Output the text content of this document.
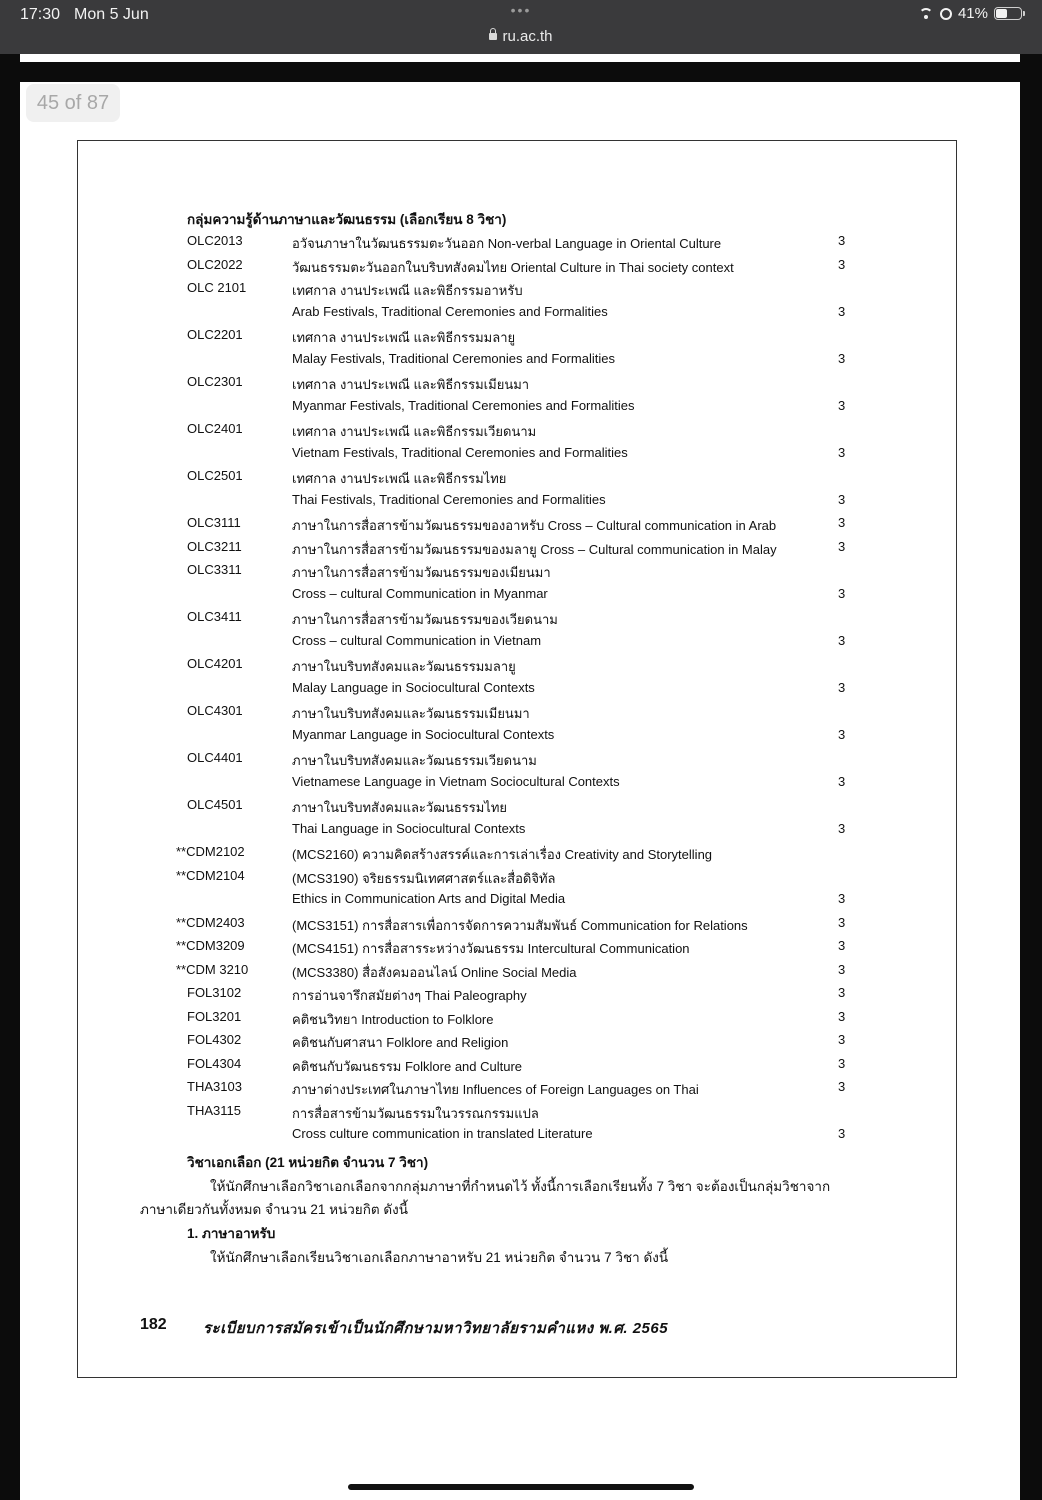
17:30 Mon 5 Jun	•••
ru.ac.th
41%
45 of 87
กลุ่มความรู้ด้านภาษาและวัฒนธรรม (เลือกเรียน 8 วิชา)
OLC2013	อวัจนภาษาในวัฒนธรรมตะวันออก Non-verbal Language in Oriental Culture	3
OLC2022	วัฒนธรรมตะวันออกในบริบทสังคมไทย Oriental Culture in Thai society context	3
OLC 2101	เทศกาล งานประเพณี และพิธีกรรมอาหรับ
Arab Festivals, Traditional Ceremonies and Formalities	3
OLC2201	เทศกาล งานประเพณี และพิธีกรรมมลายู
Malay Festivals, Traditional Ceremonies and Formalities	3
OLC2301	เทศกาล งานประเพณี และพิธีกรรมเมียนมา
Myanmar Festivals, Traditional Ceremonies and Formalities	3
OLC2401	เทศกาล งานประเพณี และพิธีกรรมเวียดนาม
Vietnam Festivals, Traditional Ceremonies and Formalities	3
OLC2501	เทศกาล งานประเพณี และพิธีกรรมไทย
Thai Festivals, Traditional Ceremonies and Formalities	3
OLC3111	ภาษาในการสื่อสารข้ามวัฒนธรรมของอาหรับ Cross – Cultural communication in Arab	3
OLC3211	ภาษาในการสื่อสารข้ามวัฒนธรรมของมลายู Cross – Cultural communication in Malay	3
OLC3311	ภาษาในการสื่อสารข้ามวัฒนธรรมของเมียนมา
Cross – cultural Communication in Myanmar	3
OLC3411	ภาษาในการสื่อสารข้ามวัฒนธรรมของเวียดนาม
Cross – cultural Communication in Vietnam	3
OLC4201	ภาษาในบริบทสังคมและวัฒนธรรมมลายู
Malay Language in Sociocultural Contexts	3
OLC4301	ภาษาในบริบทสังคมและวัฒนธรรมเมียนมา
Myanmar Language in Sociocultural Contexts	3
OLC4401	ภาษาในบริบทสังคมและวัฒนธรรมเวียดนาม
Vietnamese Language in Vietnam Sociocultural Contexts	3
OLC4501	ภาษาในบริบทสังคมและวัฒนธรรมไทย
Thai Language in Sociocultural Contexts	3
**CDM2102	(MCS2160) ความคิดสร้างสรรค์และการเล่าเรื่อง Creativity and Storytelling
**CDM2104	(MCS3190) จริยธรรมนิเทศศาสตร์และสื่อดิจิทัล
Ethics in Communication Arts and Digital Media	3
**CDM2403	(MCS3151) การสื่อสารเพื่อการจัดการความสัมพันธ์ Communication for Relations	3
**CDM3209	(MCS4151) การสื่อสารระหว่างวัฒนธรรม Intercultural Communication	3
**CDM 3210	(MCS3380) สื่อสังคมออนไลน์ Online Social Media	3
FOL3102	การอ่านจารึกสมัยต่างๆ Thai Paleography	3
FOL3201	คติชนวิทยา Introduction to Folklore	3
FOL4302	คติชนกับศาสนา Folklore and Religion	3
FOL4304	คติชนกับวัฒนธรรม Folklore and Culture	3
THA3103	ภาษาต่างประเทศในภาษาไทย Influences of Foreign Languages on Thai	3
THA3115	การสื่อสารข้ามวัฒนธรรมในวรรณกรรมแปล
Cross culture communication in translated Literature	3
วิชาเอกเลือก (21 หน่วยกิต จำนวน 7 วิชา)
ให้นักศึกษาเลือกวิชาเอกเลือกจากกลุ่มภาษาที่กำหนดไว้ ทั้งนี้การเลือกเรียนทั้ง 7 วิชา จะต้องเป็นกลุ่มวิชาจาก
ภาษาเดียวกันทั้งหมด จำนวน 21 หน่วยกิต ดังนี้
1. ภาษาอาหรับ
ให้นักศึกษาเลือกเรียนวิชาเอกเลือกภาษาอาหรับ 21 หน่วยกิต จำนวน 7 วิชา ดังนี้
182 ระเบียบการสมัครเข้าเป็นนักศึกษามหาวิทยาลัยรามคำแหง พ.ศ. 2565
